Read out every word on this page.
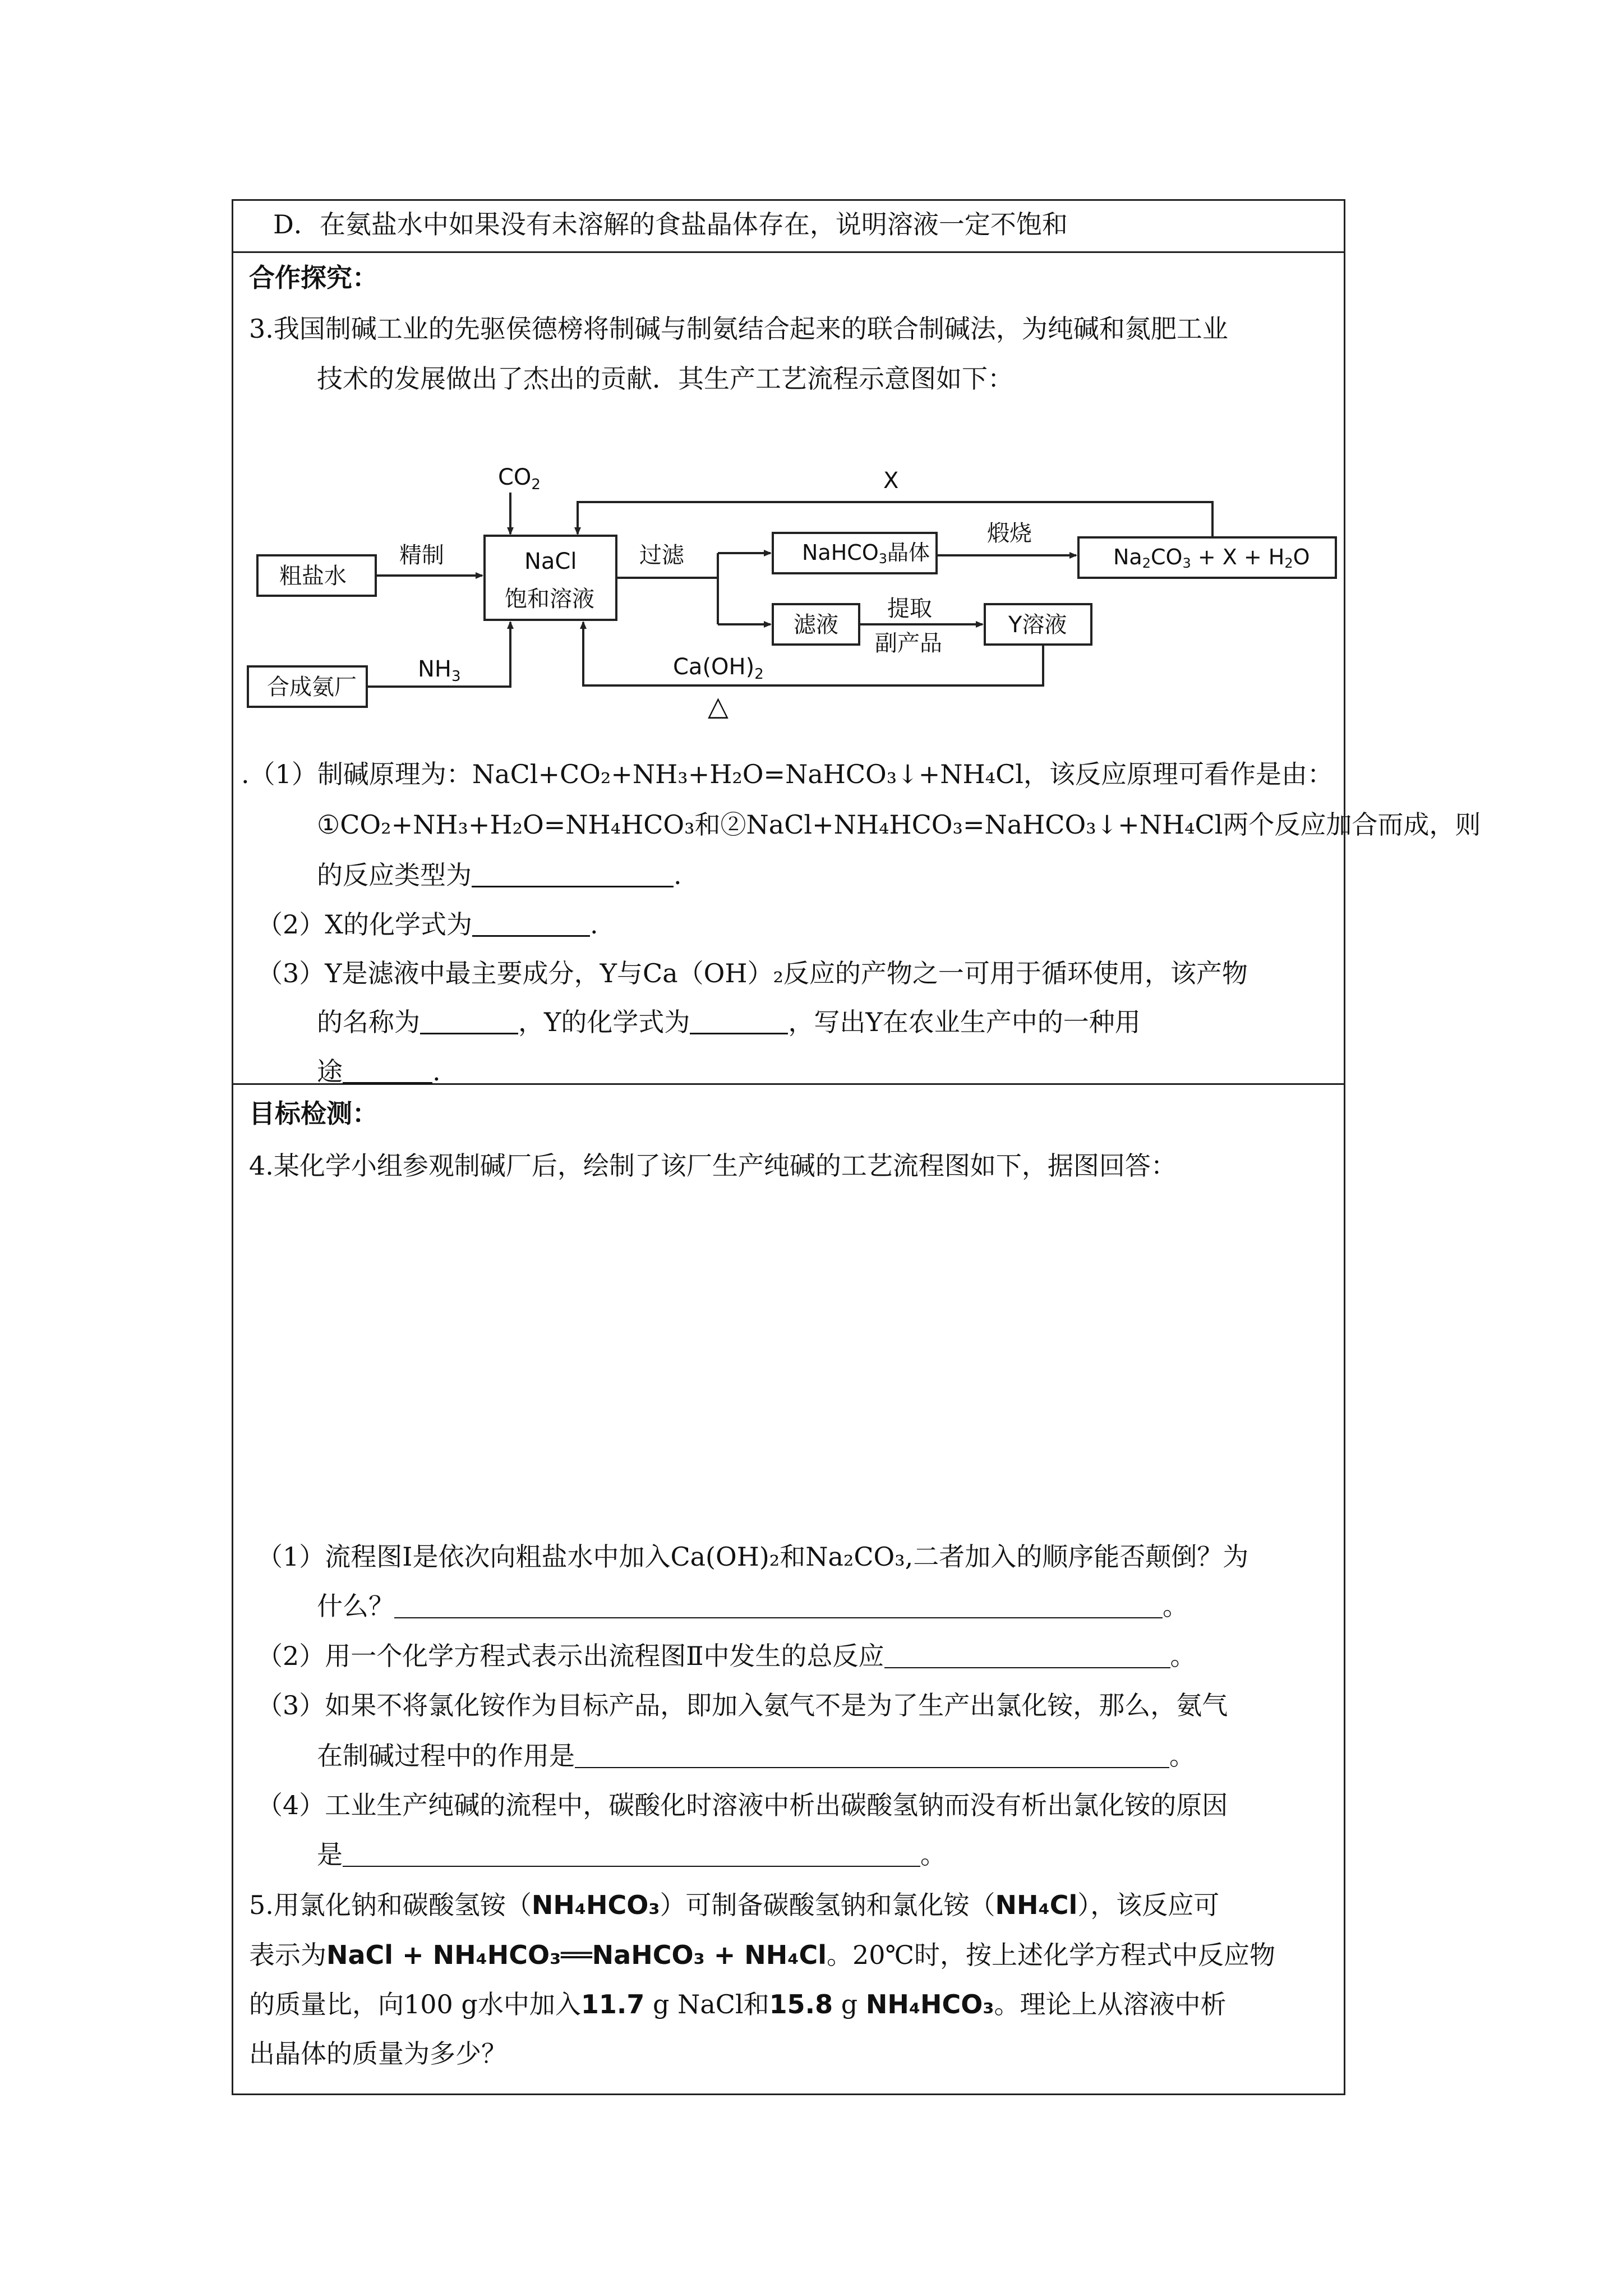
D．在氨盐水中如果没有未溶解的食盐晶体存在，说明溶液一定不饱和
合作探究：
3.我国制碱工业的先驱侯德榜将制碱与制氨结合起来的联合制碱法，为纯碱和氮肥工业
技术的发展做出了杰出的贡献．其生产工艺流程示意图如下：
$CO_2$	X
粗盐水
精制	NaCl
饱和溶液
过滤	NaHCO3晶体
煅烧
Na2CO3 + X + H2O
滤液
提取
副产品
Y溶液
合成氨厂
$NH_3$	$Ca(OH)_2$
△
.（1）制碱原理为：NaCl+CO₂+NH₃+H₂O=NaHCO₃↓+NH₄Cl，该反应原理可看作是由：
①CO₂+NH₃+H₂O=NH₄HCO₃和②NaCl+NH₄HCO₃=NaHCO₃↓+NH₄Cl两个反应加合而成，则
的反应类型为	.
（2）X的化学式为	.
（3）Y是滤液中最主要成分，Y与Ca（OH）₂反应的产物之一可用于循环使用，该产物
的名称为	，Y的化学式为	，写出Y在农业生产中的一种用
途	.
目标检测：
4.某化学小组参观制碱厂后，绘制了该厂生产纯碱的工艺流程图如下，据图回答：
（1）流程图Ⅰ是依次向粗盐水中加入Ca(OH)₂和Na₂CO₃,二者加入的顺序能否颠倒？为
什么？	。
（2）用一个化学方程式表示出流程图Ⅱ中发生的总反应	。
（3）如果不将氯化铵作为目标产品，即加入氨气不是为了生产出氯化铵，那么，氨气
在制碱过程中的作用是	。
（4）工业生产纯碱的流程中，碳酸化时溶液中析出碳酸氢钠而没有析出氯化铵的原因
是	。
5.用氯化钠和碳酸氢铵（NH₄HCO₃）可制备碳酸氢钠和氯化铵（NH₄Cl），该反应可
表示为NaCl + NH₄HCO₃══NaHCO₃ + NH₄Cl。20℃时，按上述化学方程式中反应物
的质量比，向100 g水中加入11.7 g NaCl和15.8 g NH₄HCO₃。理论上从溶液中析
出晶体的质量为多少？
